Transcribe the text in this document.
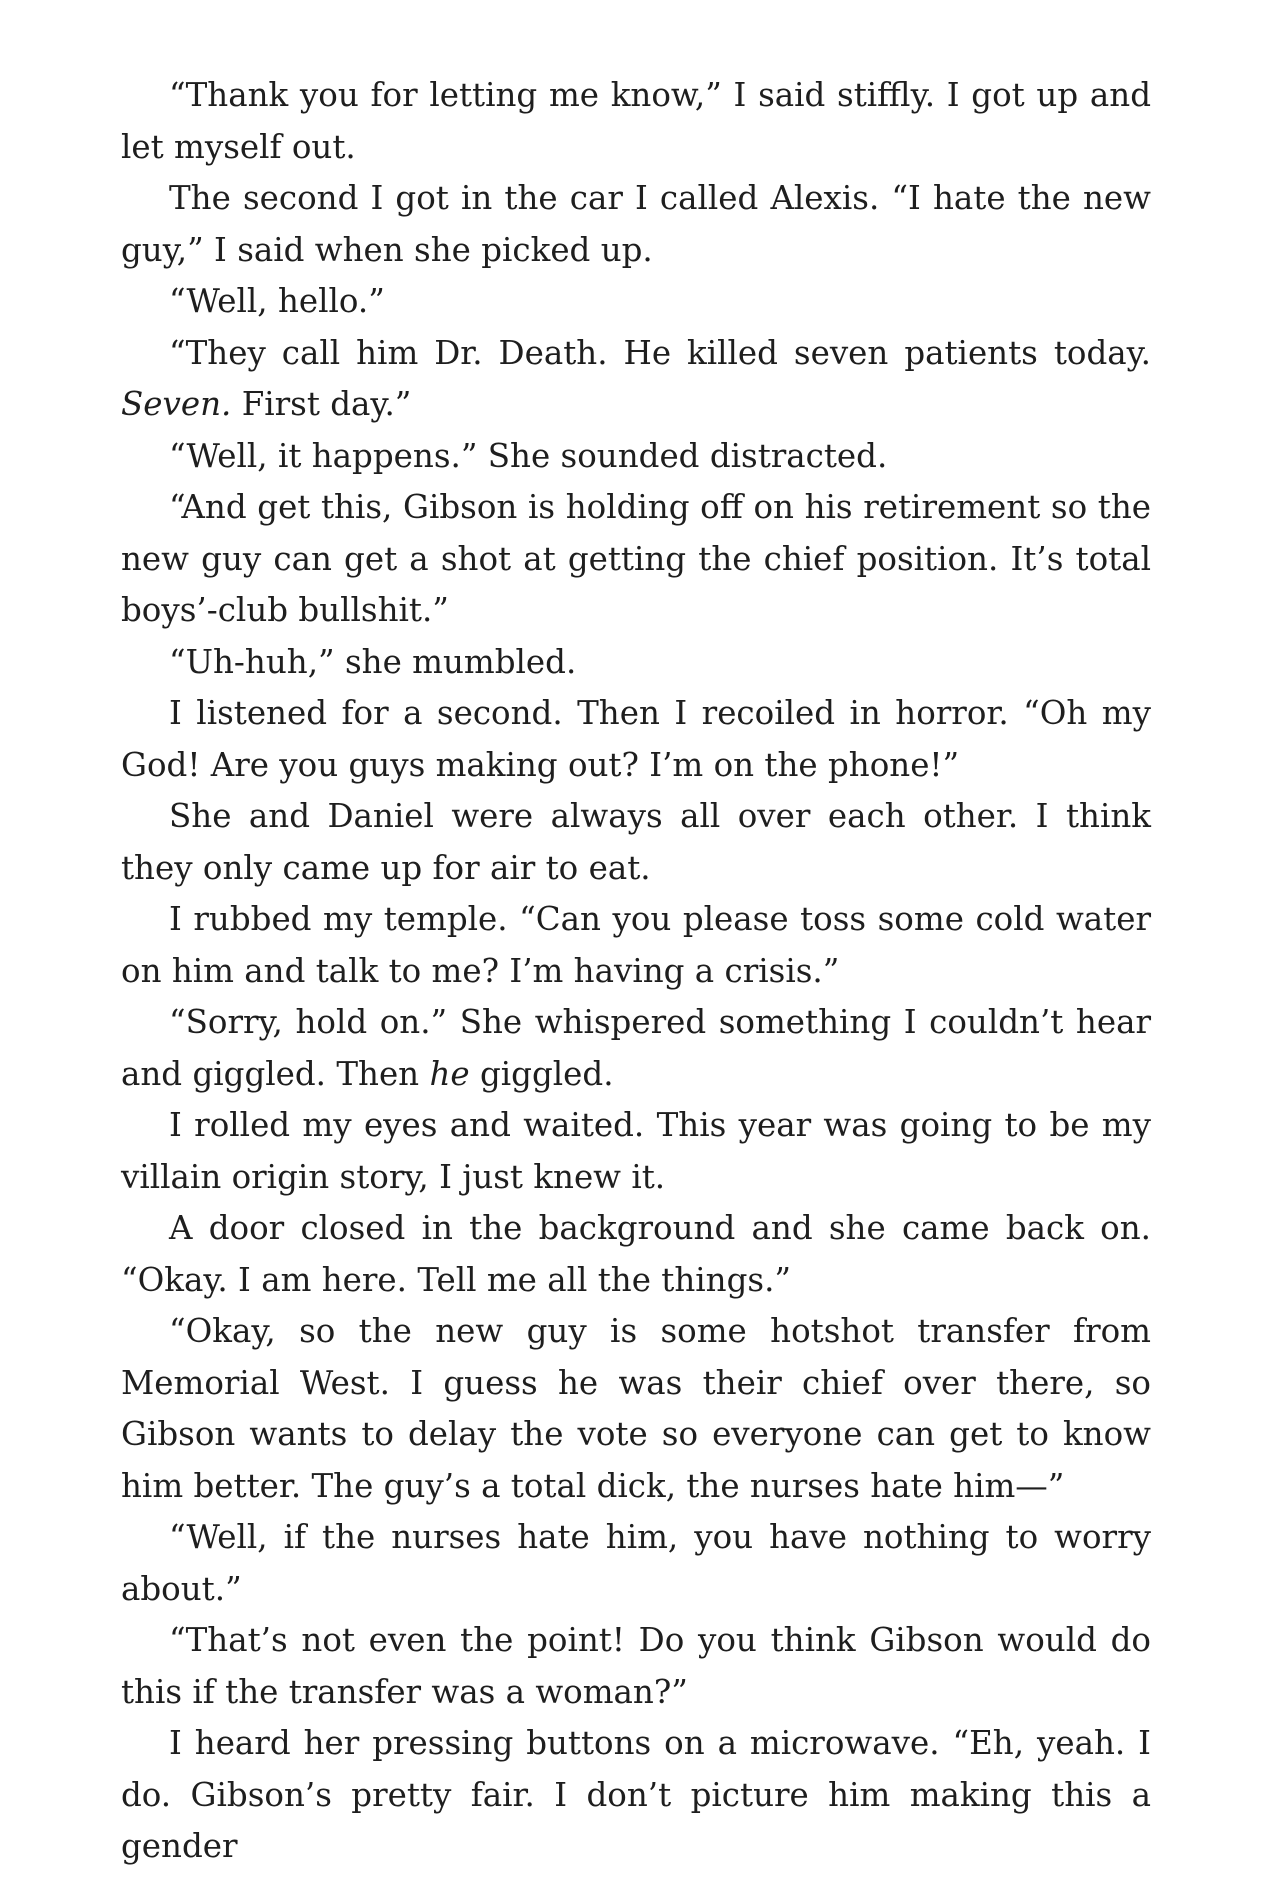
“Thank you for letting me know,” I said stiffly. I got up and let myself out.

The second I got in the car I called Alexis. “I hate the new guy,” I said when she picked up.

“Well, hello.”

“They call him Dr. Death. He killed seven patients today. Seven. First day.”

“Well, it happens.” She sounded distracted.

“And get this, Gibson is holding off on his retirement so the new guy can get a shot at getting the chief position. It’s total boys’-club bullshit.”

“Uh-huh,” she mumbled.

I listened for a second. Then I recoiled in horror. “Oh my God! Are you guys making out? I’m on the phone!”

She and Daniel were always all over each other. I think they only came up for air to eat.

I rubbed my temple. “Can you please toss some cold water on him and talk to me? I’m having a crisis.”

“Sorry, hold on.” She whispered something I couldn’t hear and giggled. Then he giggled.

I rolled my eyes and waited. This year was going to be my villain origin story, I just knew it.

A door closed in the background and she came back on. “Okay. I am here. Tell me all the things.”

“Okay, so the new guy is some hotshot transfer from Memorial West. I guess he was their chief over there, so Gibson wants to delay the vote so everyone can get to know him better. The guy’s a total dick, the nurses hate him—”

“Well, if the nurses hate him, you have nothing to worry about.”

“That’s not even the point! Do you think Gibson would do this if the transfer was a woman?”

I heard her pressing buttons on a microwave. “Eh, yeah. I do. Gibson’s pretty fair. I don’t picture him making this a gender
